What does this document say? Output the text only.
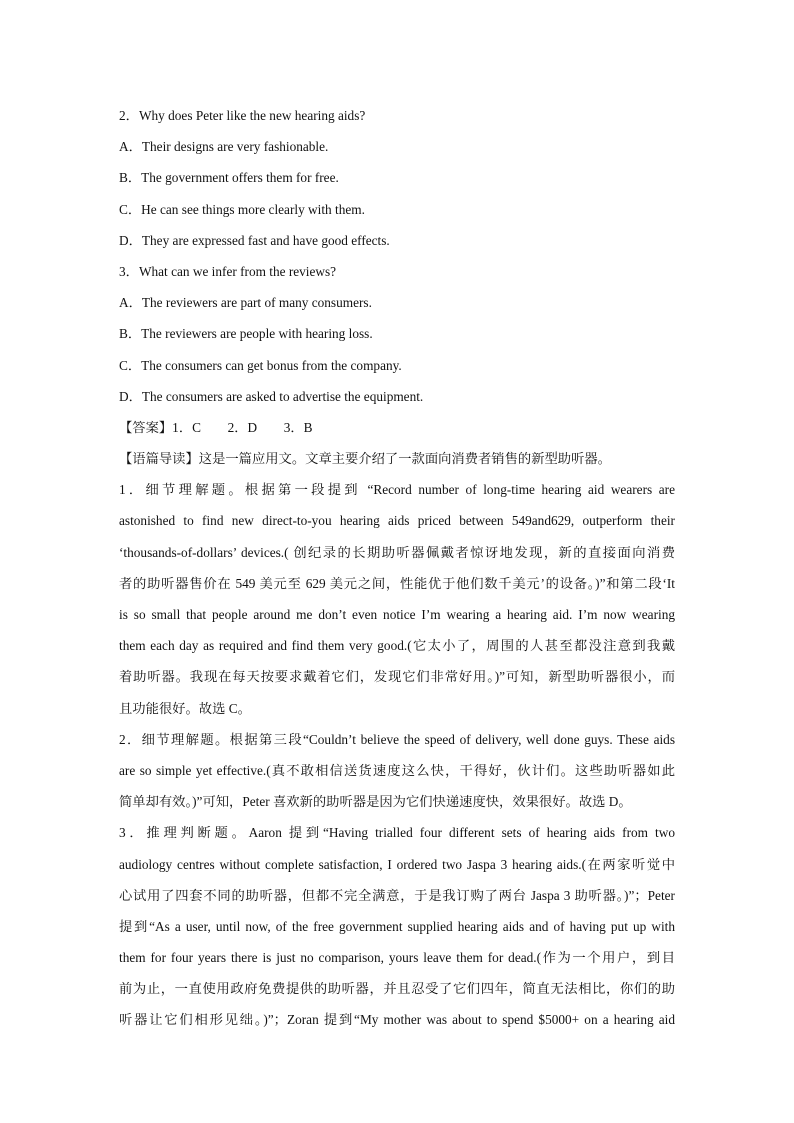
2．Why does Peter like the new hearing aids?
A．Their designs are very fashionable.
B．The government offers them for free.
C．He can see things more clearly with them.
D．They are expressed fast and have good effects.
3．What can we infer from the reviews?
A．The reviewers are part of many consumers.
B．The reviewers are people with hearing loss.
C．The consumers can get bonus from the company.
D．The consumers are asked to advertise the equipment.
【答案】1．C　　2．D　　3．B
【语篇导读】这是一篇应用文。文章主要介绍了一款面向消费者销售的新型助听器。
1．细节理解题。根据第一段提到 “Record number of long-time hearing aid wearers are
astonished to find new direct-to-you hearing aids priced between 549and629, outperform their
‘thousands-of-dollars’ devices.( 创纪录的长期助听器佩戴者惊讶地发现，新的直接面向消费
者的助听器售价在 549 美元至 629 美元之间，性能优于他们数千美元’的设备。)”和第二段‘It
is so small that people around me don’t even notice I’m wearing a hearing aid. I’m now wearing
them each day as required and find them very good.(它太小了，周围的人甚至都没注意到我戴
着助听器。我现在每天按要求戴着它们，发现它们非常好用。)”可知，新型助听器很小，而
且功能很好。故选 C。
2．细节理解题。根据第三段“Couldn’t believe the speed of delivery, well done guys. These aids
are so simple yet effective.(真不敢相信送货速度这么快，干得好，伙计们。这些助听器如此
简单却有效。)”可知，Peter 喜欢新的助听器是因为它们快递速度快，效果很好。故选 D。
3．推理判断题。Aaron 提到“Having trialled four different sets of hearing aids from two
audiology centres without complete satisfaction, I ordered two Jaspa 3 hearing aids.(在两家听觉中
心试用了四套不同的助听器，但都不完全满意，于是我订购了两台 Jaspa 3 助听器。)”；Peter
提到“As a user, until now, of the free government supplied hearing aids and of having put up with
them for four years there is just no comparison, yours leave them for dead.(作为一个用户，到目
前为止，一直使用政府免费提供的助听器，并且忍受了它们四年，简直无法相比，你们的助
听器让它们相形见绌。)”；Zoran 提到“My mother was about to spend $5000+ on a hearing aid
